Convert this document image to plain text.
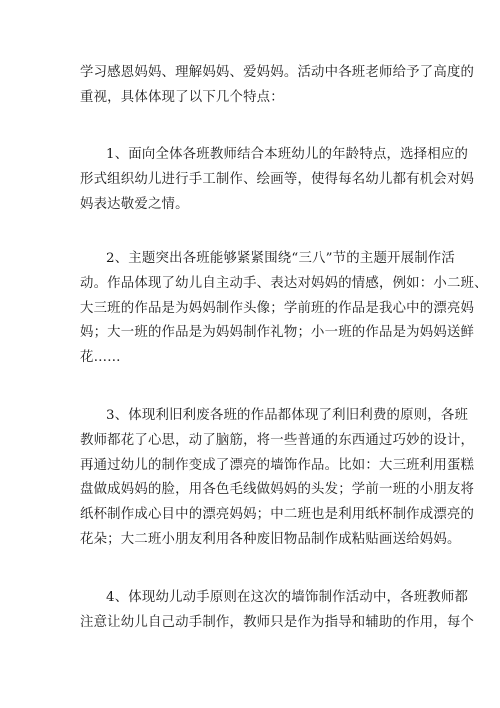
学习感恩妈妈、理解妈妈、爱妈妈。活动中各班老师给予了高度的
重视，具体体现了以下几个特点：
1、面向全体各班教师结合本班幼儿的年龄特点，选择相应的
形式组织幼儿进行手工制作、绘画等，使得每名幼儿都有机会对妈
妈表达敬爱之情。
2、主题突出各班能够紧紧围绕“三八”节的主题开展制作活
动。作品体现了幼儿自主动手、表达对妈妈的情感，例如：小二班、
大三班的作品是为妈妈制作头像；学前班的作品是我心中的漂亮妈
妈；大一班的作品是为妈妈制作礼物；小一班的作品是为妈妈送鲜
花……
3、体现利旧利废各班的作品都体现了利旧利费的原则，各班
教师都花了心思，动了脑筋，将一些普通的东西通过巧妙的设计，
再通过幼儿的制作变成了漂亮的墙饰作品。比如：大三班利用蛋糕
盘做成妈妈的脸，用各色毛线做妈妈的头发；学前一班的小朋友将
纸杯制作成心目中的漂亮妈妈；中二班也是利用纸杯制作成漂亮的
花朵；大二班小朋友利用各种废旧物品制作成粘贴画送给妈妈。
4、体现幼儿动手原则在这次的墙饰制作活动中，各班教师都
注意让幼儿自己动手制作，教师只是作为指导和辅助的作用，每个
